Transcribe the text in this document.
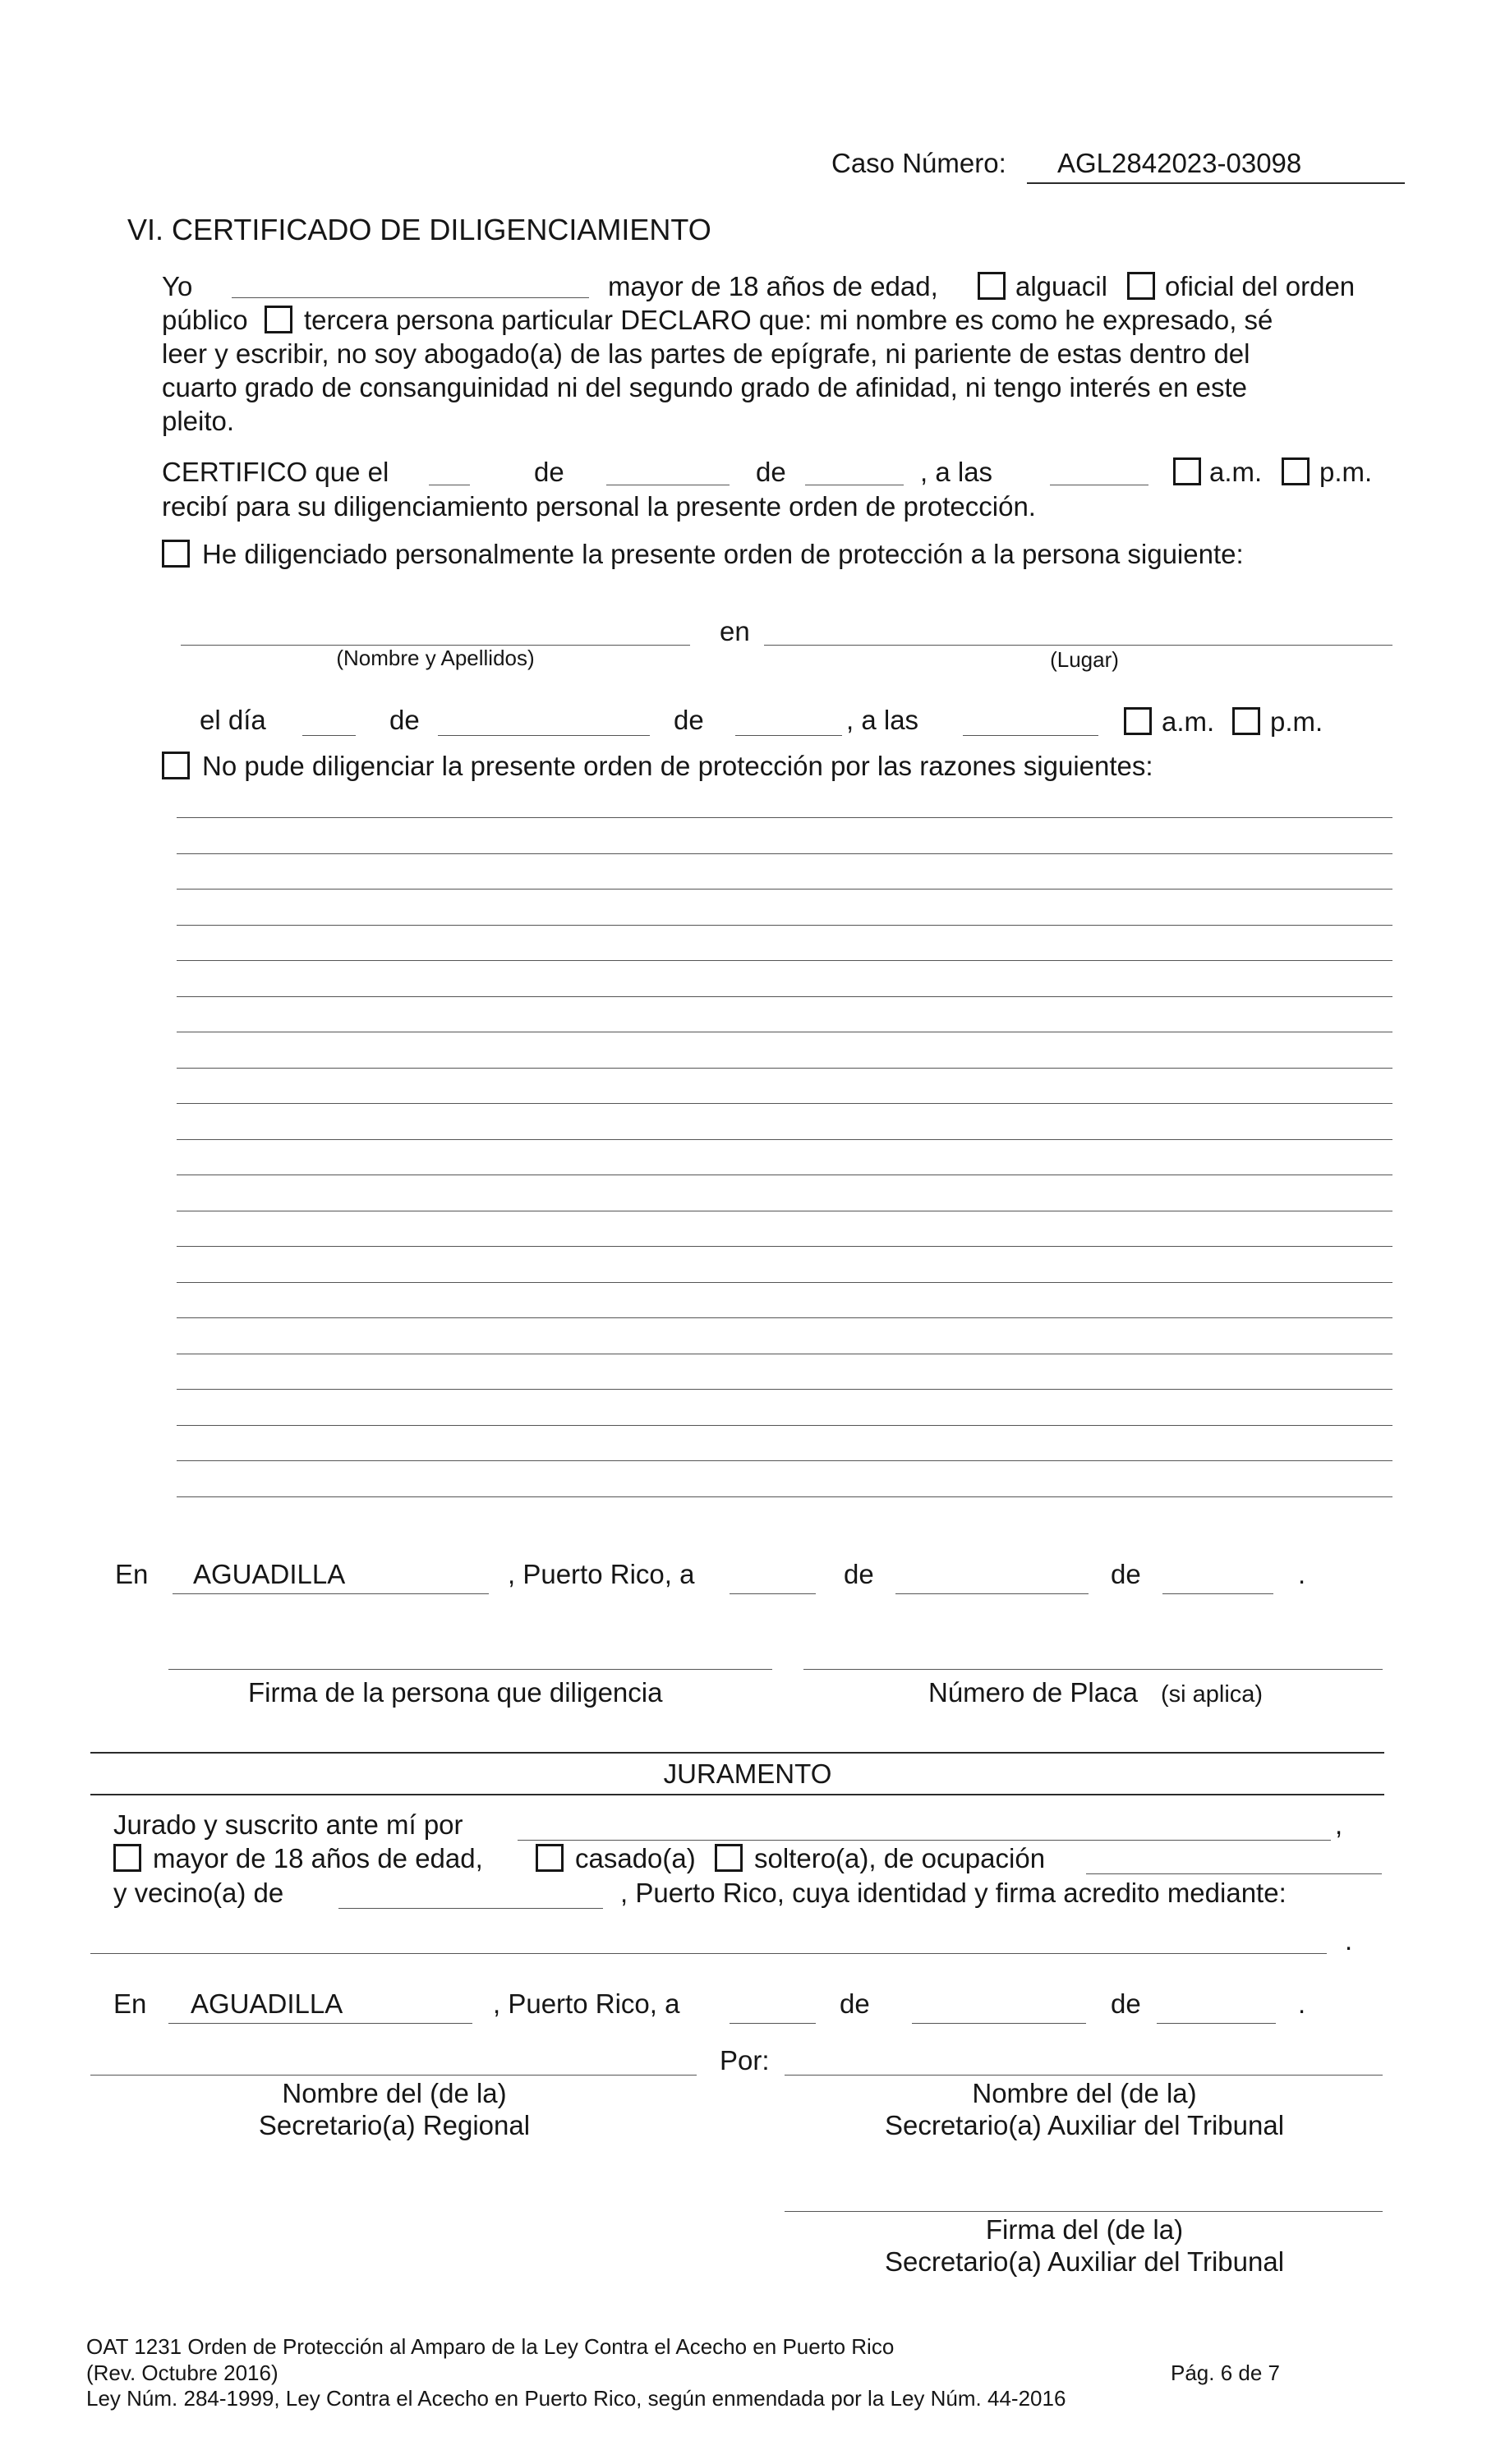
Caso Número: AGL2842023-03098
VI. CERTIFICADO DE DILIGENCIAMIENTO
Yo	mayor de 18 años de edad,	alguacil oficial del orden
público tercera persona particular DECLARO que: mi nombre es como he expresado, sé
leer y escribir, no soy abogado(a) de las partes de epígrafe, ni pariente de estas dentro del
cuarto grado de consanguinidad ni del segundo grado de afinidad, ni tengo interés en este
pleito.
CERTIFICO que el	de	de	, a las	a.m. p.m.
recibí para su diligenciamiento personal la presente orden de protección.
He diligenciado personalmente la presente orden de protección a la persona siguiente:
en
(Nombre y Apellidos)	(Lugar)
el día	de	de	, a las	a.m. p.m.
No pude diligenciar la presente orden de protección por las razones siguientes:
En AGUADILLA	, Puerto Rico, a	de	de	.
Firma de la persona que diligencia	Número de Placa (si aplica)
JURAMENTO
Jurado y suscrito ante mí por	,
mayor de 18 años de edad,	casado(a) soltero(a), de ocupación
y vecino(a) de	, Puerto Rico, cuya identidad y firma acredito mediante:
.
En AGUADILLA	, Puerto Rico, a	de	de	.
Por:
Nombre del (de la)
Secretario(a) Regional
Nombre del (de la)
Secretario(a) Auxiliar del Tribunal
Firma del (de la)
Secretario(a) Auxiliar del Tribunal
OAT 1231 Orden de Protección al Amparo de la Ley Contra el Acecho en Puerto Rico
(Rev. Octubre 2016)
Ley Núm. 284-1999, Ley Contra el Acecho en Puerto Rico, según enmendada por la Ley Núm. 44-2016
Pág. 6 de 7
